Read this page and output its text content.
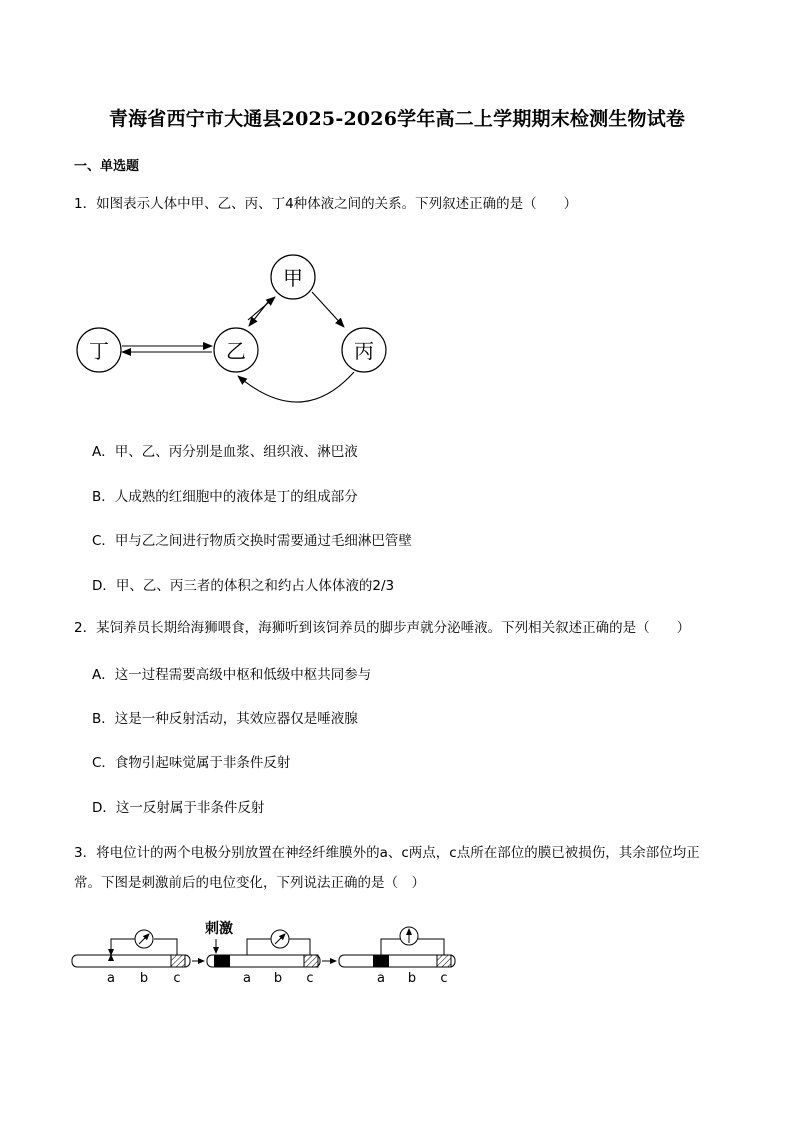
青海省西宁市大通县2025-2026学年高二上学期期末检测生物试卷
一、单选题
1．如图表示人体中甲、乙、丙、丁4种体液之间的关系。下列叙述正确的是（　　）
甲
乙	丙
丁
A．甲、乙、丙分别是血浆、组织液、淋巴液
B．人成熟的红细胞中的液体是丁的组成部分
C．甲与乙之间进行物质交换时需要通过毛细淋巴管壁
D．甲、乙、丙三者的体积之和约占人体体液的2/3
2．某饲养员长期给海狮喂食，海狮听到该饲养员的脚步声就分泌唾液。下列相关叙述正确的是（　　）
A．这一过程需要高级中枢和低级中枢共同参与
B．这是一种反射活动，其效应器仅是唾液腺
C．食物引起味觉属于非条件反射
D．这一反射属于非条件反射
3．将电位计的两个电极分别放置在神经纤维膜外的a、c两点，c点所在部位的膜已被损伤，其余部位均正
常。下图是刺激前后的电位变化，下列说法正确的是（　）
a b c
刺激
a b c	a b c
